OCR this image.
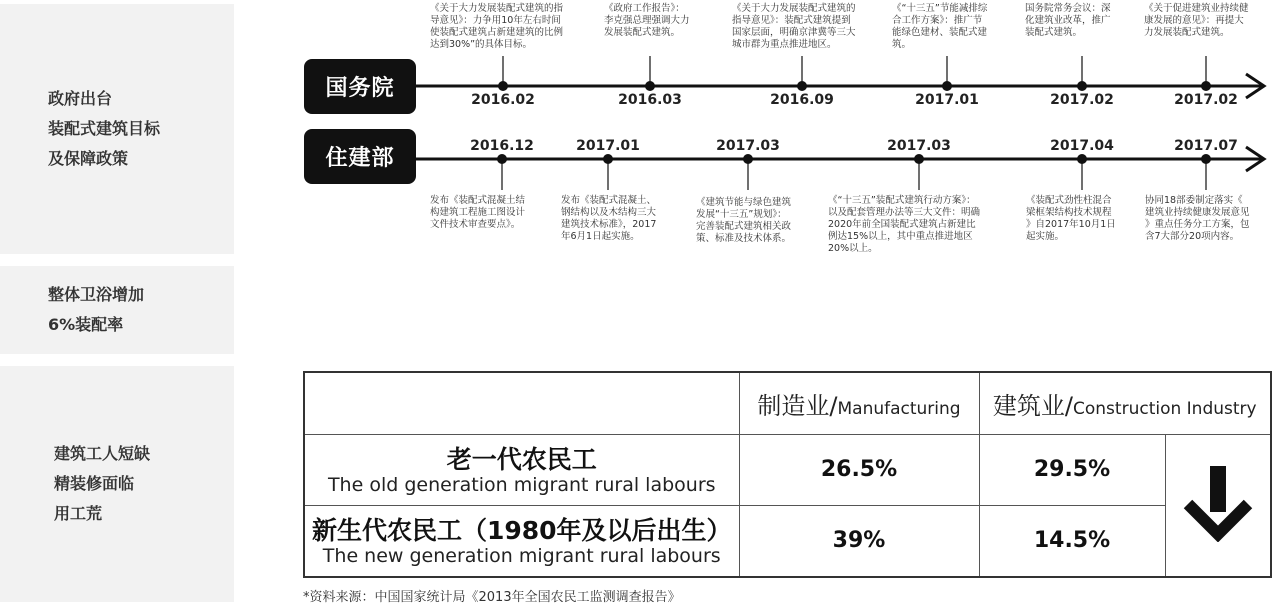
政府出台
装配式建筑目标
及保障政策
整体卫浴增加
6%装配率
建筑工人短缺
精装修面临
用工荒
国务院
住建部
2016.02	2016.03	2016.09	2017.01	2017.02	2017.02
《关于大力发展装配式建筑的指
导意见》：力争用10年左右时间
使装配式建筑占新建建筑的比例
达到30%”的具体目标。
《政府工作报告》：
李克强总理强调大力
发展装配式建筑。
《关于大力发展装配式建筑的
指导意见》：装配式建筑提到
国家层面，明确京津冀等三大
城市群为重点推进地区。
《“十三五”节能减排综
合工作方案》：推广节
能绿色建材、装配式建
筑。
国务院常务会议：深
化建筑业改革，推广
装配式建筑。
《关于促进建筑业持续健
康发展的意见》：再提大
力发展装配式建筑。
2016.12	2017.01	2017.03	2017.03	2017.04	2017.07
发布《装配式混凝土结
构建筑工程施工图设计
文件技术审查要点》。
发布《装配式混凝土、
钢结构以及木结构三大
建筑技术标准》，2017
年6月1日起实施。
《建筑节能与绿色建筑
发展“十三五”规划》：
完善装配式建筑相关政
策、标准及技术体系。
《“十三五”装配式建筑行动方案》：
以及配套管理办法等三大文件：明确
2020年前全国装配式建筑占新建比
例达15%以上，其中重点推进地区
20%以上。
《装配式劲性柱混合
梁框架结构技术规程
》自2017年10月1日
起实施。
协同18部委制定落实《
建筑业持续健康发展意见
》重点任务分工方案，包
含7大部分20项内容。
	制造业/Manufacturing	建筑业/Construction Industry	

老一代农民工
The old generation migrant rural labours	26.5%	29.5%	

新生代农民工（1980年及以后出生）
The new generation migrant rural labours	39%	14.5%	
*资料来源：中国国家统计局《2013年全国农民工监测调查报告》
